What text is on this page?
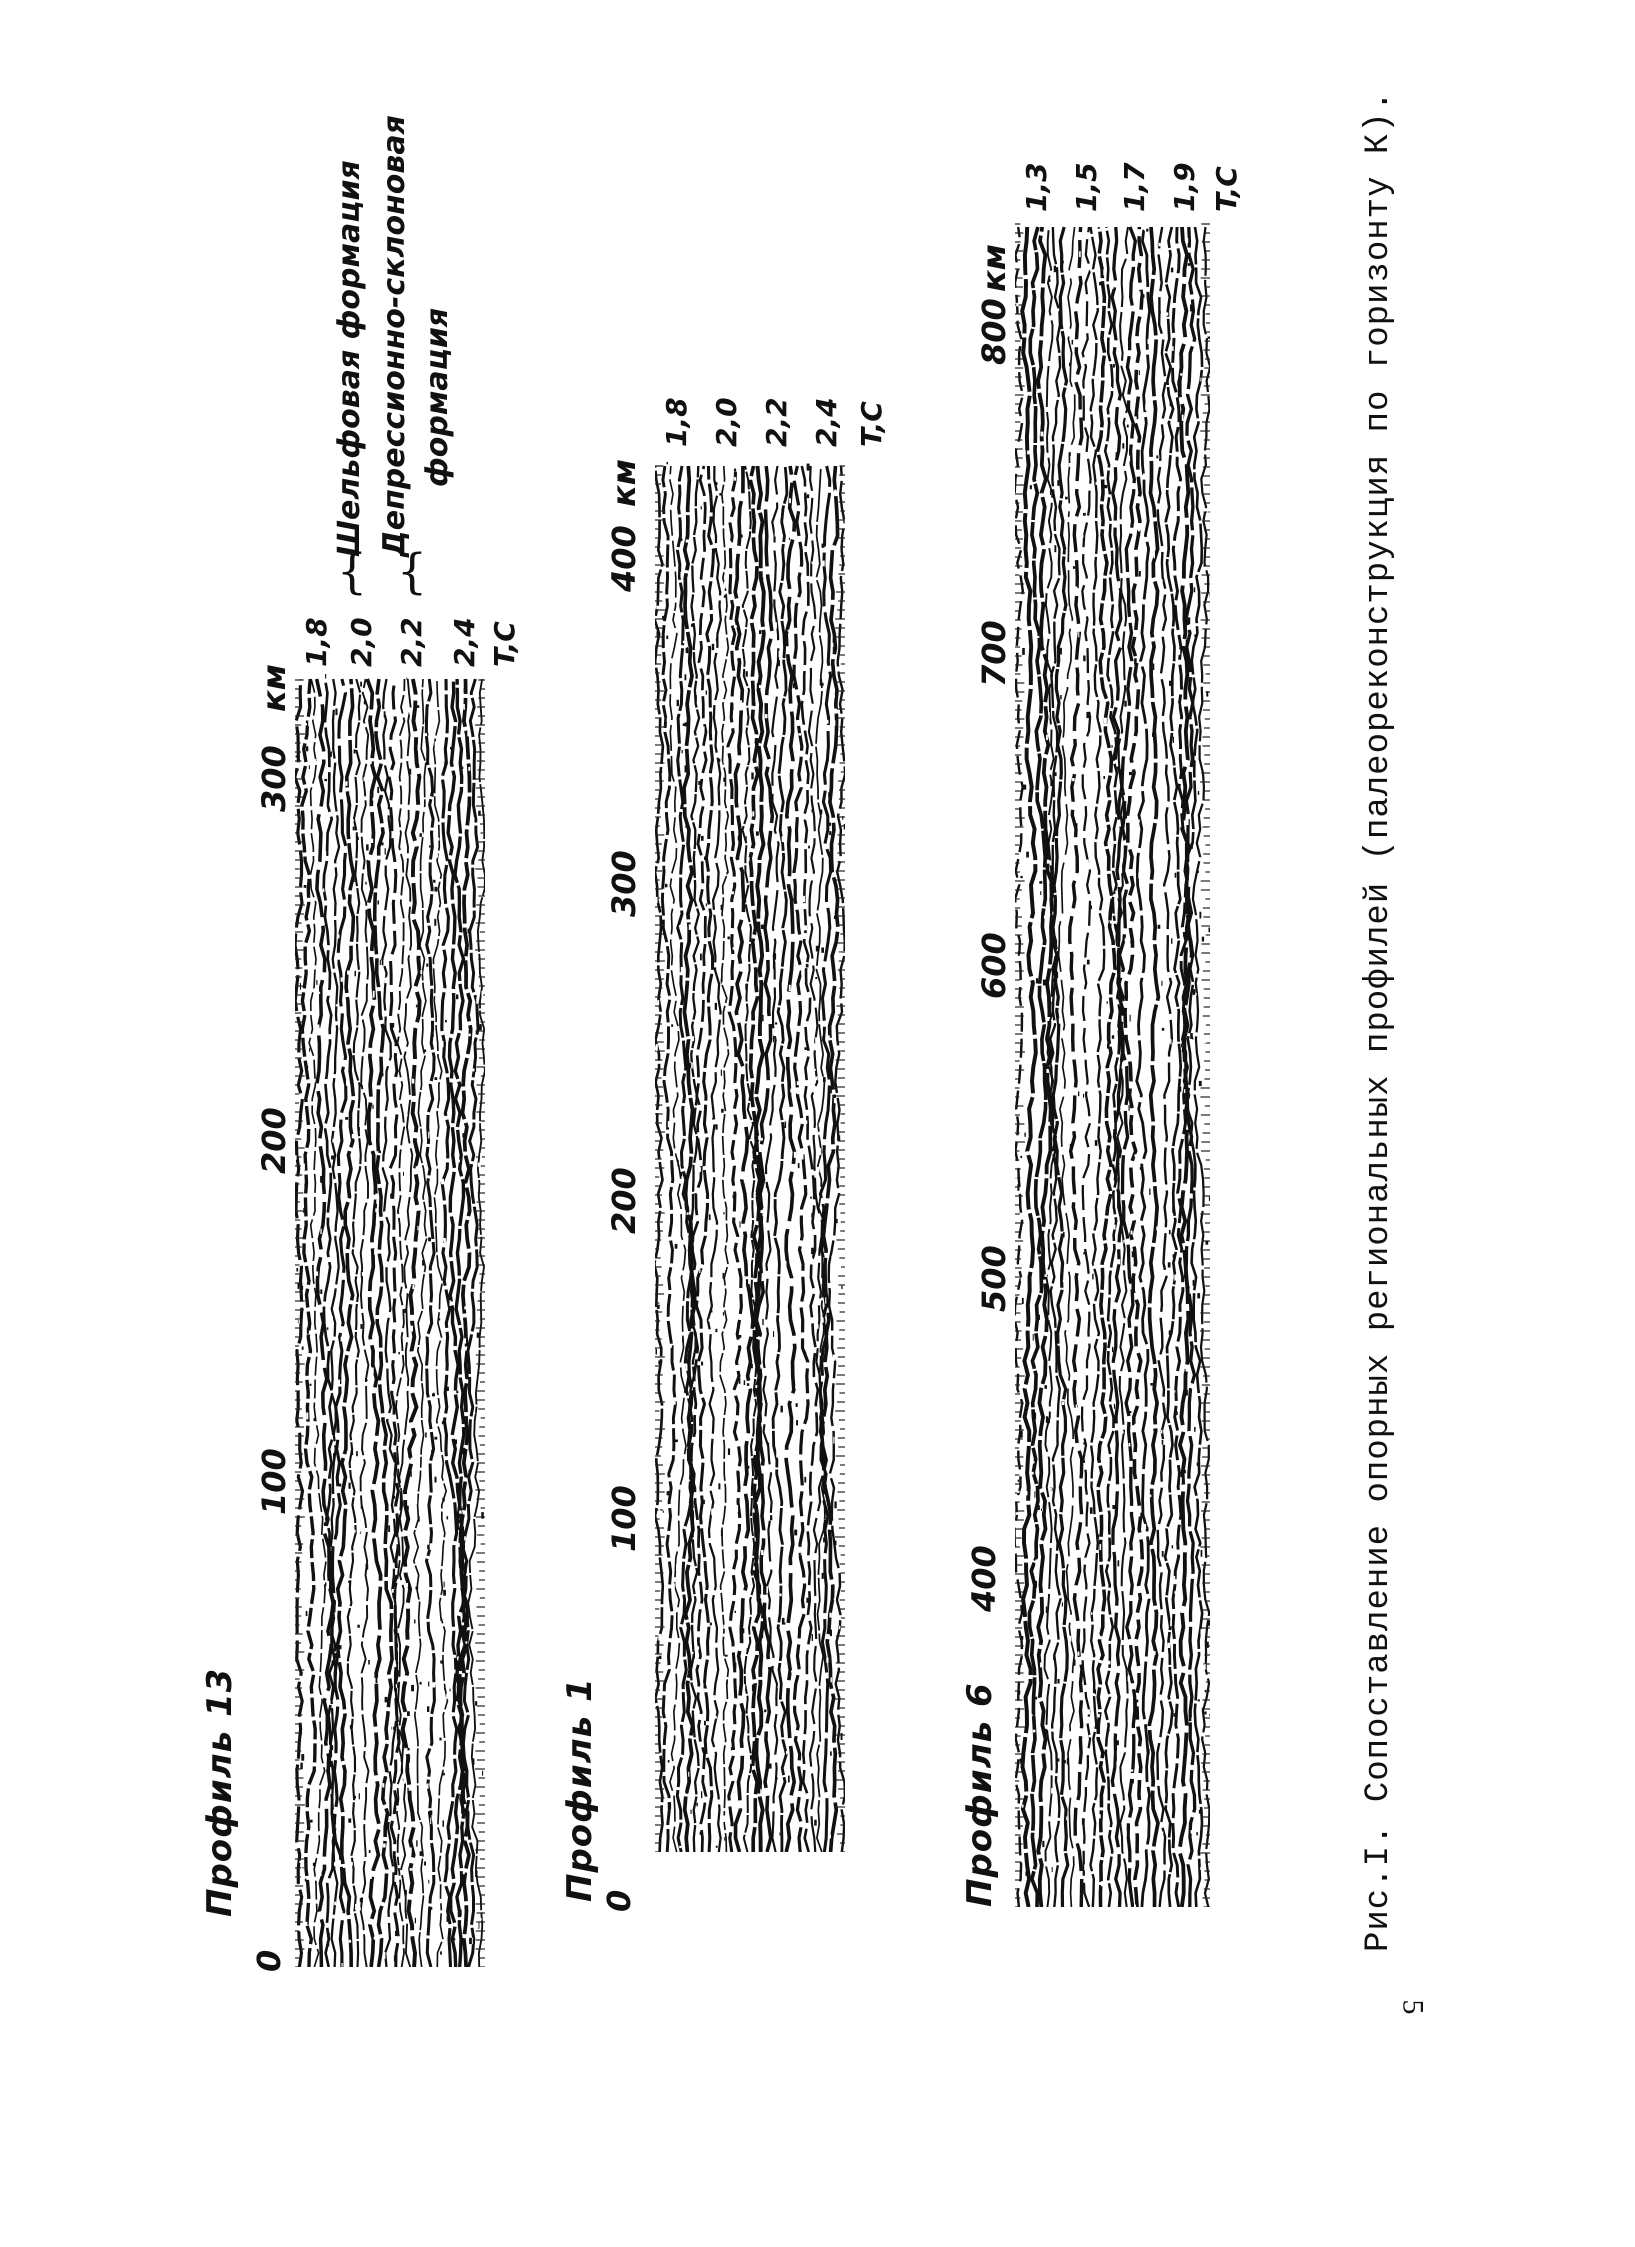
Профиль 13
0
100
200
300
км
1,8 2,0 2,2 2,4 T,C
{ {
Шельфовая формация Депрессионно-склоновая формация
Профиль 1 0
100
200
300
400
км
1,8 2,0 2,2 2,4 T,C
Профиль 6
400
500
600
700
800
км
1,3 1,5 1,7 1,9 T,C	Рис.I. Сопоставление опорных региональных профилей (палеореконструкция по горизонту К).
5
